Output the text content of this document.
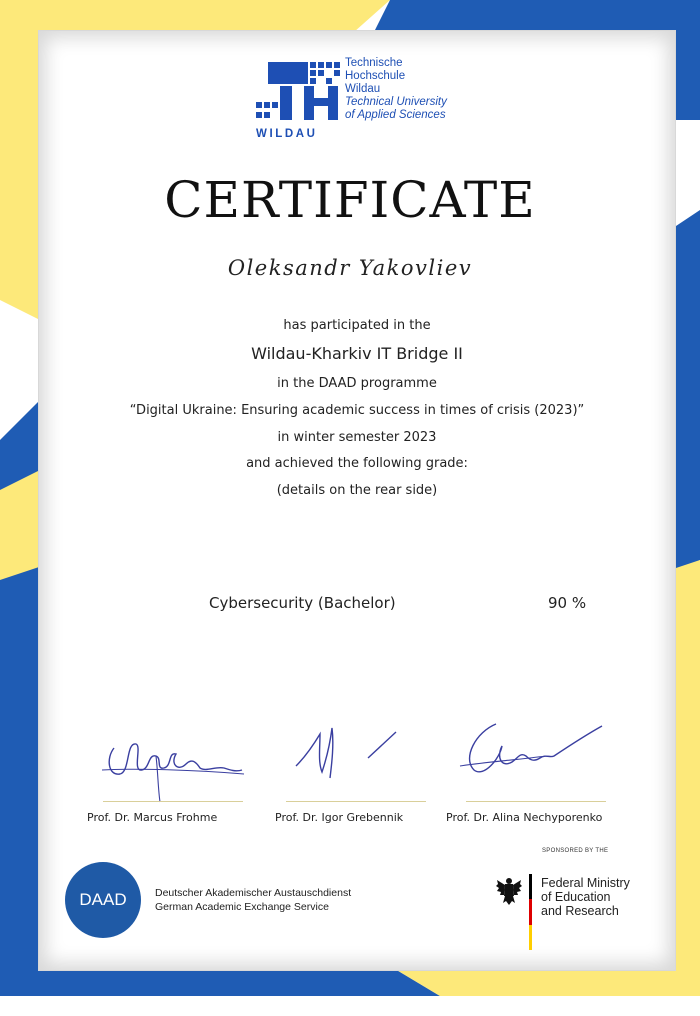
Technische
Hochschule
Wildau
Technical University
of Applied Sciences
WILDAU
CERTIFICATE
Oleksandr Yakovliev
has participated in the
Wildau-Kharkiv IT Bridge II
in the DAAD programme
“Digital Ukraine: Ensuring academic success in times of crisis (2023)”
in winter semester 2023
and achieved the following grade:
(details on the rear side)
Cybersecurity (Bachelor)	90 %
Prof. Dr. Marcus Frohme	Prof. Dr. Igor Grebennik	Prof. Dr. Alina Nechyporenko
DAAD	Deutscher Akademischer Austauschdienst
German Academic Exchange Service
SPONSORED BY THE
Federal Ministry
of Education
and Research
